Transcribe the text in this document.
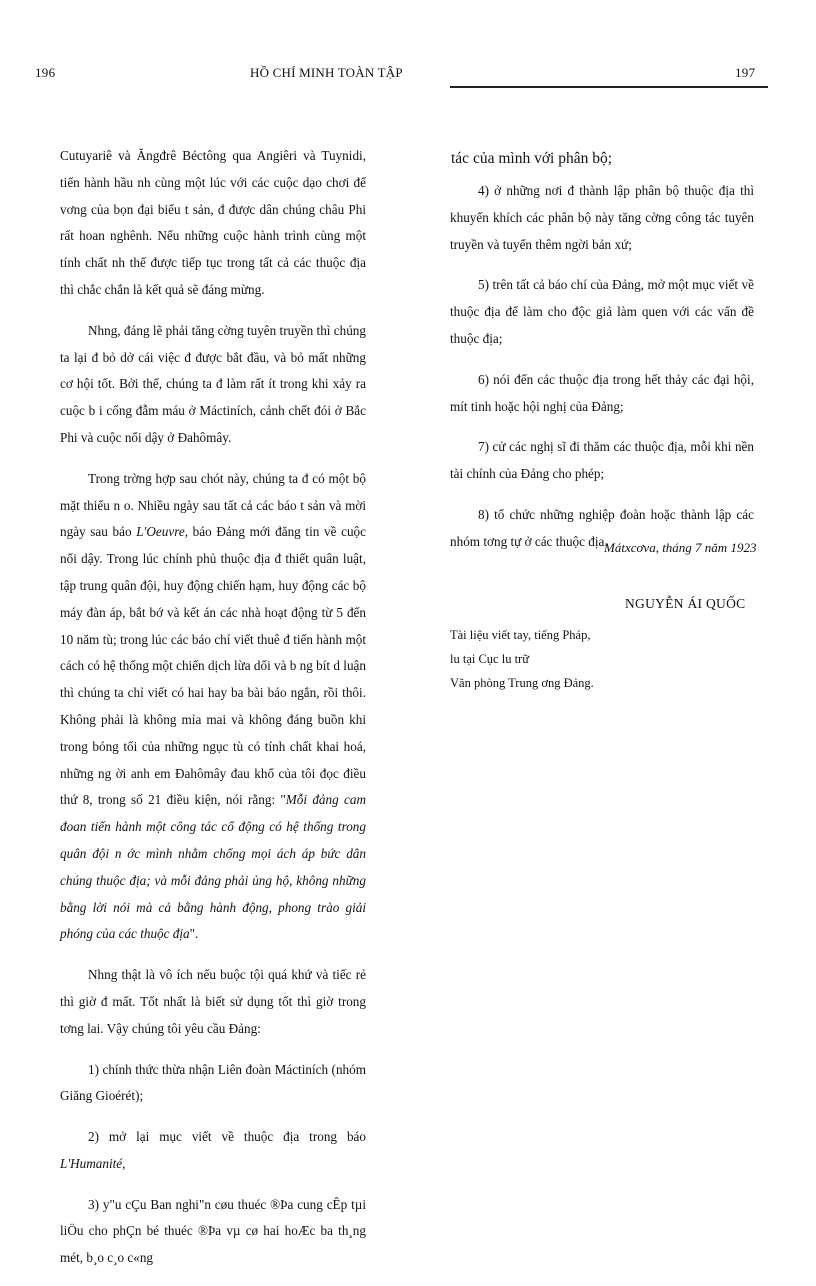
196	HỒ CHÍ MINH TOÀN TẬP

Cutuyariê và Ăngđrê Béctông qua Angiêri và Tuynidi, tiến hành hầu nh cùng một lúc với các cuộc dạo chơi để vơng của bọn đại biểu t sản, đ được dân chúng châu Phi rất hoan nghênh. Nếu những cuộc hành trình cùng một tính chất nh thế được tiếp tục trong tất cả các thuộc địa thì chắc chắn là kết quả sẽ đáng mừng.

Nhng, đáng lẽ phải tăng cờng tuyên truyền thì chúng ta lại đ bỏ dở cái việc đ được bắt đầu, và bỏ mất những cơ hội tốt. Bởi thế, chúng ta đ làm rất ít trong khi xảy ra cuộc b i cống đẫm máu ở Máctiních, cảnh chết đói ở Bắc Phi và cuộc nổi dậy ở Đahômây.

Trong trờng hợp sau chót này, chúng ta đ có một bộ mặt thiểu n o. Nhiều ngày sau tất cả các báo t sản và mời ngày sau báo L'Oeuvre, báo Đảng mới đăng tin về cuộc nổi dậy. Trong lúc chính phủ thuộc địa đ thiết quân luật, tập trung quân đội, huy động chiến hạm, huy động các bộ máy đàn áp, bắt bớ và kết án các nhà hoạt động từ 5 đến 10 năm tù; trong lúc các báo chí viết thuê đ tiến hành một cách có hệ thống một chiến dịch lừa dối và b ng bít d luận thì chúng ta chỉ viết có hai hay ba bài báo ngắn, rồi thôi. Không phải là không mỉa mai và không đáng buồn khi trong bóng tối của những ngục tù có tính chất khai hoá, những ng ời anh em Đahômây đau khổ của tôi đọc điều thứ 8, trong số 21 điều kiện, nói rằng: "Mỗi đảng cam đoan tiến hành một công tác cổ động có hệ thống trong quân đội n ớc mình nhằm chống mọi ách áp bức dân chúng thuộc địa; và mỗi đảng phải ủng hộ, không những bằng lời nói mà cả bằng hành động, phong trào giải phóng của các thuộc địa".

Nhng thật là vô ích nếu buộc tội quá khứ và tiếc rẻ thì giờ đ mất. Tốt nhất là biết sử dụng tốt thì giờ trong tơng lai. Vậy chúng tôi yêu cầu Đảng:

1) chính thức thừa nhận Liên đoàn Máctiních (nhóm Giăng Gioérét);

2) mở lại mục viết về thuộc địa trong báo L'Humanité,

3) y"u cÇu Ban nghi"n cøu thuéc ®Þa cung cÊp tµi liÖu cho phÇn bé thuéc ®Þa vµ cø hai hoÆc ba th¸ng mét, b¸o c¸o c«ng

197
tác của mình với phân bộ;

4) ở những nơi đ thành lập phân bộ thuộc địa thì khuyến khích các phân bộ này tăng cờng công tác tuyên truyền và tuyển thêm ngời bản xứ;

5) trên tất cả báo chí của Đảng, mở một mục viết về thuộc địa để làm cho độc giả làm quen với các vấn đề thuộc địa;

6) nói đến các thuộc địa trong hết thảy các đại hội, mít tinh hoặc hội nghị của Đảng;

7) cử các nghị sĩ đi thăm các thuộc địa, mỗi khi nền tài chính của Đảng cho phép;

8) tổ chức những nghiệp đoàn hoặc thành lập các nhóm tơng tự ở các thuộc địa.

Mátxcơva, tháng 7 năm 1923
NGUYỄN ÁI QUỐC
Tài liệu viết tay, tiếng Pháp,
lu tại Cục lu trữ
Văn phòng Trung ơng Đảng.
